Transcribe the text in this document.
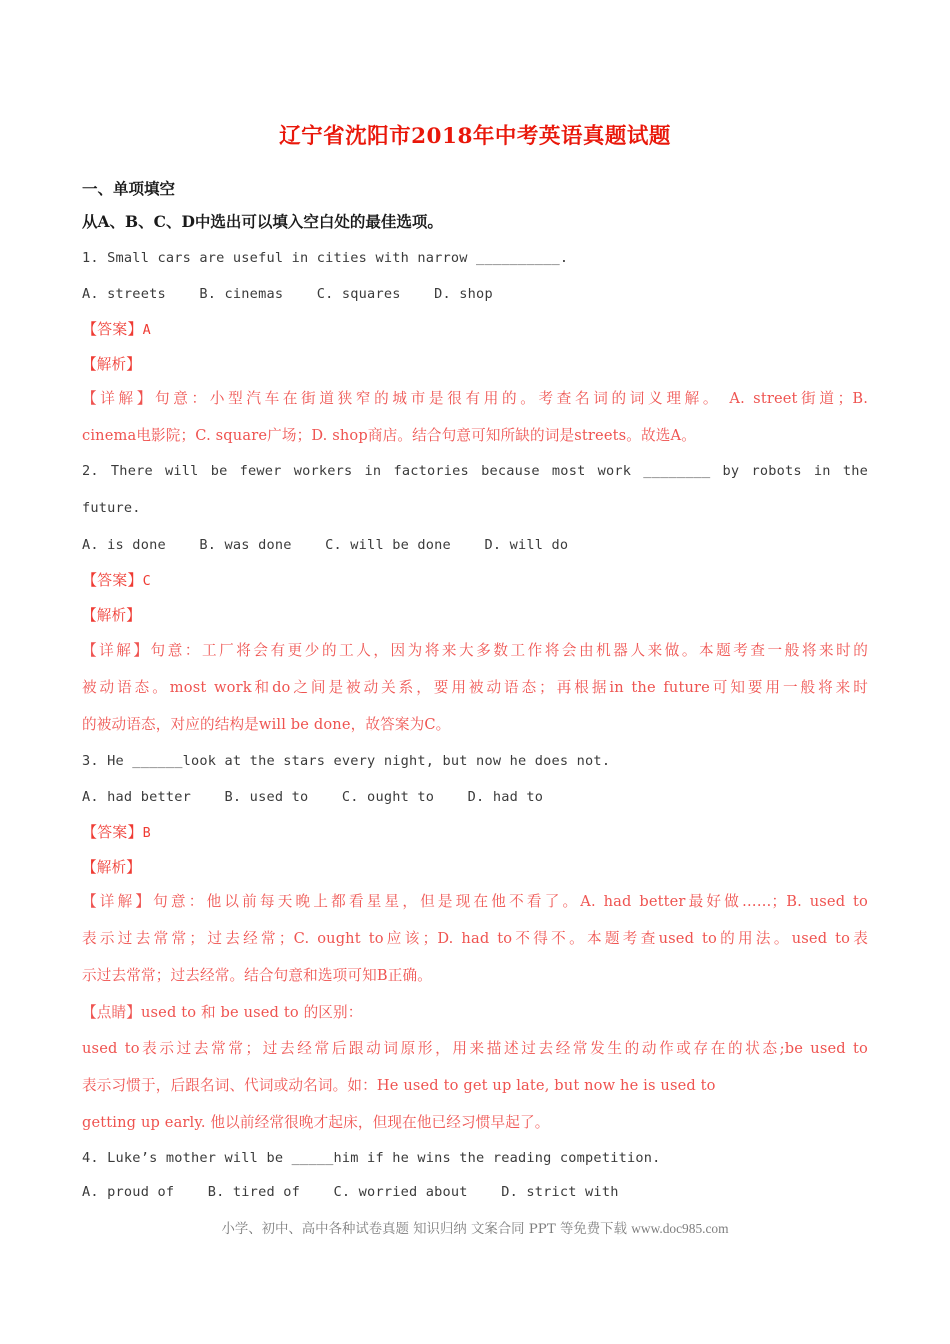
辽宁省沈阳市2018年中考英语真题试题
一、单项填空
从A、B、C、D中选出可以填入空白处的最佳选项。
1. Small cars are useful in cities with narrow __________.
A. streets    B. cinemas    C. squares    D. shop
【答案】A
【解析】
【详解】句意：小型汽车在街道狭窄的城市是很有用的。考查名词的词义理解。 A. street街道；B.
cinema电影院；C. square广场；D. shop商店。结合句意可知所缺的词是streets。故选A。
2. There will be fewer workers in factories because most work ________ by robots in the
future.
A. is done    B. was done    C. will be done    D. will do
【答案】C
【解析】
【详解】句意：工厂将会有更少的工人，因为将来大多数工作将会由机器人来做。本题考查一般将来时的
被动语态。most work和do之间是被动关系，要用被动语态；再根据in the future可知要用一般将来时
的被动语态，对应的结构是will be done，故答案为C。
3. He ______look at the stars every night, but now he does not.
A. had better    B. used to    C. ought to    D. had to
【答案】B
【解析】
【详解】句意：他以前每天晚上都看星星，但是现在他不看了。A. had better最好做……；B. used to
表示过去常常；过去经常；C. ought to应该；D. had to不得不。本题考查used to的用法。used to表
示过去常常；过去经常。结合句意和选项可知B正确。
【点睛】used to 和 be used to 的区别：
used to表示过去常常；过去经常后跟动词原形，用来描述过去经常发生的动作或存在的状态;be used to
表示习惯于，后跟名词、代词或动名词。如：He used to get up late, but now he is used to
getting up early. 他以前经常很晚才起床，但现在他已经习惯早起了。
4. Luke’s mother will be _____him if he wins the reading competition.
A. proud of    B. tired of    C. worried about    D. strict with
小学、初中、高中各种试卷真题 知识归纳 文案合同 PPT 等免费下载 www.doc985.com
